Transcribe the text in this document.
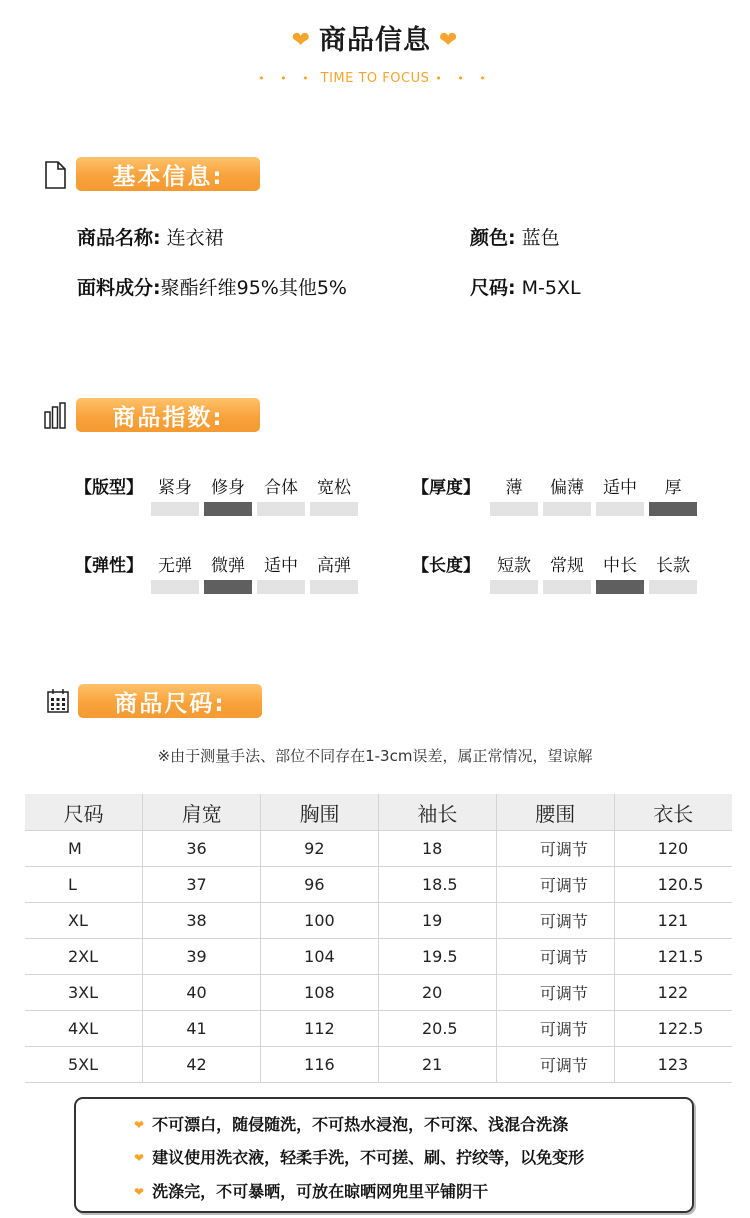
❤ 商品信息 ❤
• • • TIME TO FOCUS • • •
基本信息:
商品名称: 连衣裙	颜色: 蓝色
面料成分:聚酯纤维95%其他5%	尺码: M-5XL
商品指数:
【版型】 紧身	修身	合体	宽松	【厚度】	薄	偏薄	适中	厚
【弹性】 无弹	微弹	适中	高弹	【长度】	短款	常规	中长	长款
商品尺码:
※由于测量手法、部位不同存在1-3cm误差，属正常情况，望谅解
尺码	肩宽	胸围	袖长	腰围	衣长

M	36	92	18	可调节	120

L	37	96	18.5	可调节	120.5

XL	38	100	19	可调节	121

2XL	39	104	19.5	可调节	121.5

3XL	40	108	20	可调节	122

4XL	41	112	20.5	可调节	122.5

5XL	42	116	21	可调节	123
❤ 不可漂白，随侵随洗，不可热水浸泡，不可深、浅混合洗涤
❤ 建议使用洗衣液，轻柔手洗，不可搓、刷、拧绞等，以免变形
❤ 洗涤完，不可暴晒，可放在晾晒网兜里平铺阴干
